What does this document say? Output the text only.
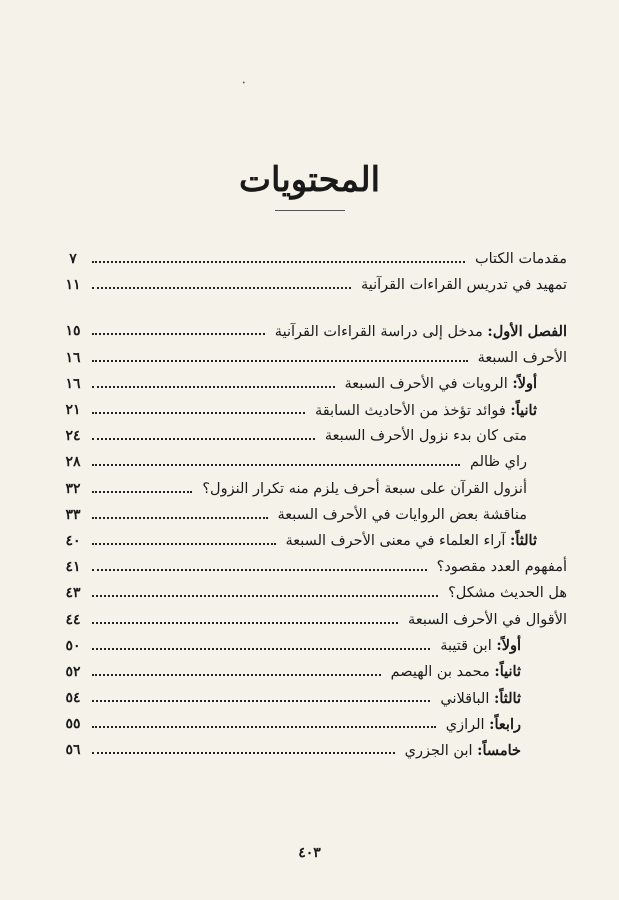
•
المحتويات
مقدمات الكتاب
٧
تمهيد في تدريس القراءات القرآنية
١١
الفصل الأول: مدخل إلى دراسة القراءات القرآنية
١٥
الأحرف السبعة
١٦
أولاً: الرويات في الأحرف السبعة
١٦
ثانياً: فوائد تؤخذ من الأحاديث السابقة
٢١
متى كان بدء نزول الأحرف السبعة
٢٤
راي ظالم
٢٨
أنزول القرآن على سبعة أحرف يلزم منه تكرار النزول؟
٣٢
مناقشة بعض الروايات في الأحرف السبعة
٣٣
ثالثاً: آراء العلماء في معنى الأحرف السبعة
٤٠
أمفهوم العدد مقصود؟
٤١
هل الحديث مشكل؟
٤٣
الأقوال في الأحرف السبعة
٤٤
أولاً: ابن قتيبة
٥٠
ثانياً: محمد بن الهيصم
٥٢
ثالثاً: الباقلاني
٥٤
رابعاً: الرازي
٥٥
خامساً: ابن الجزري
٥٦
٤٠٣
